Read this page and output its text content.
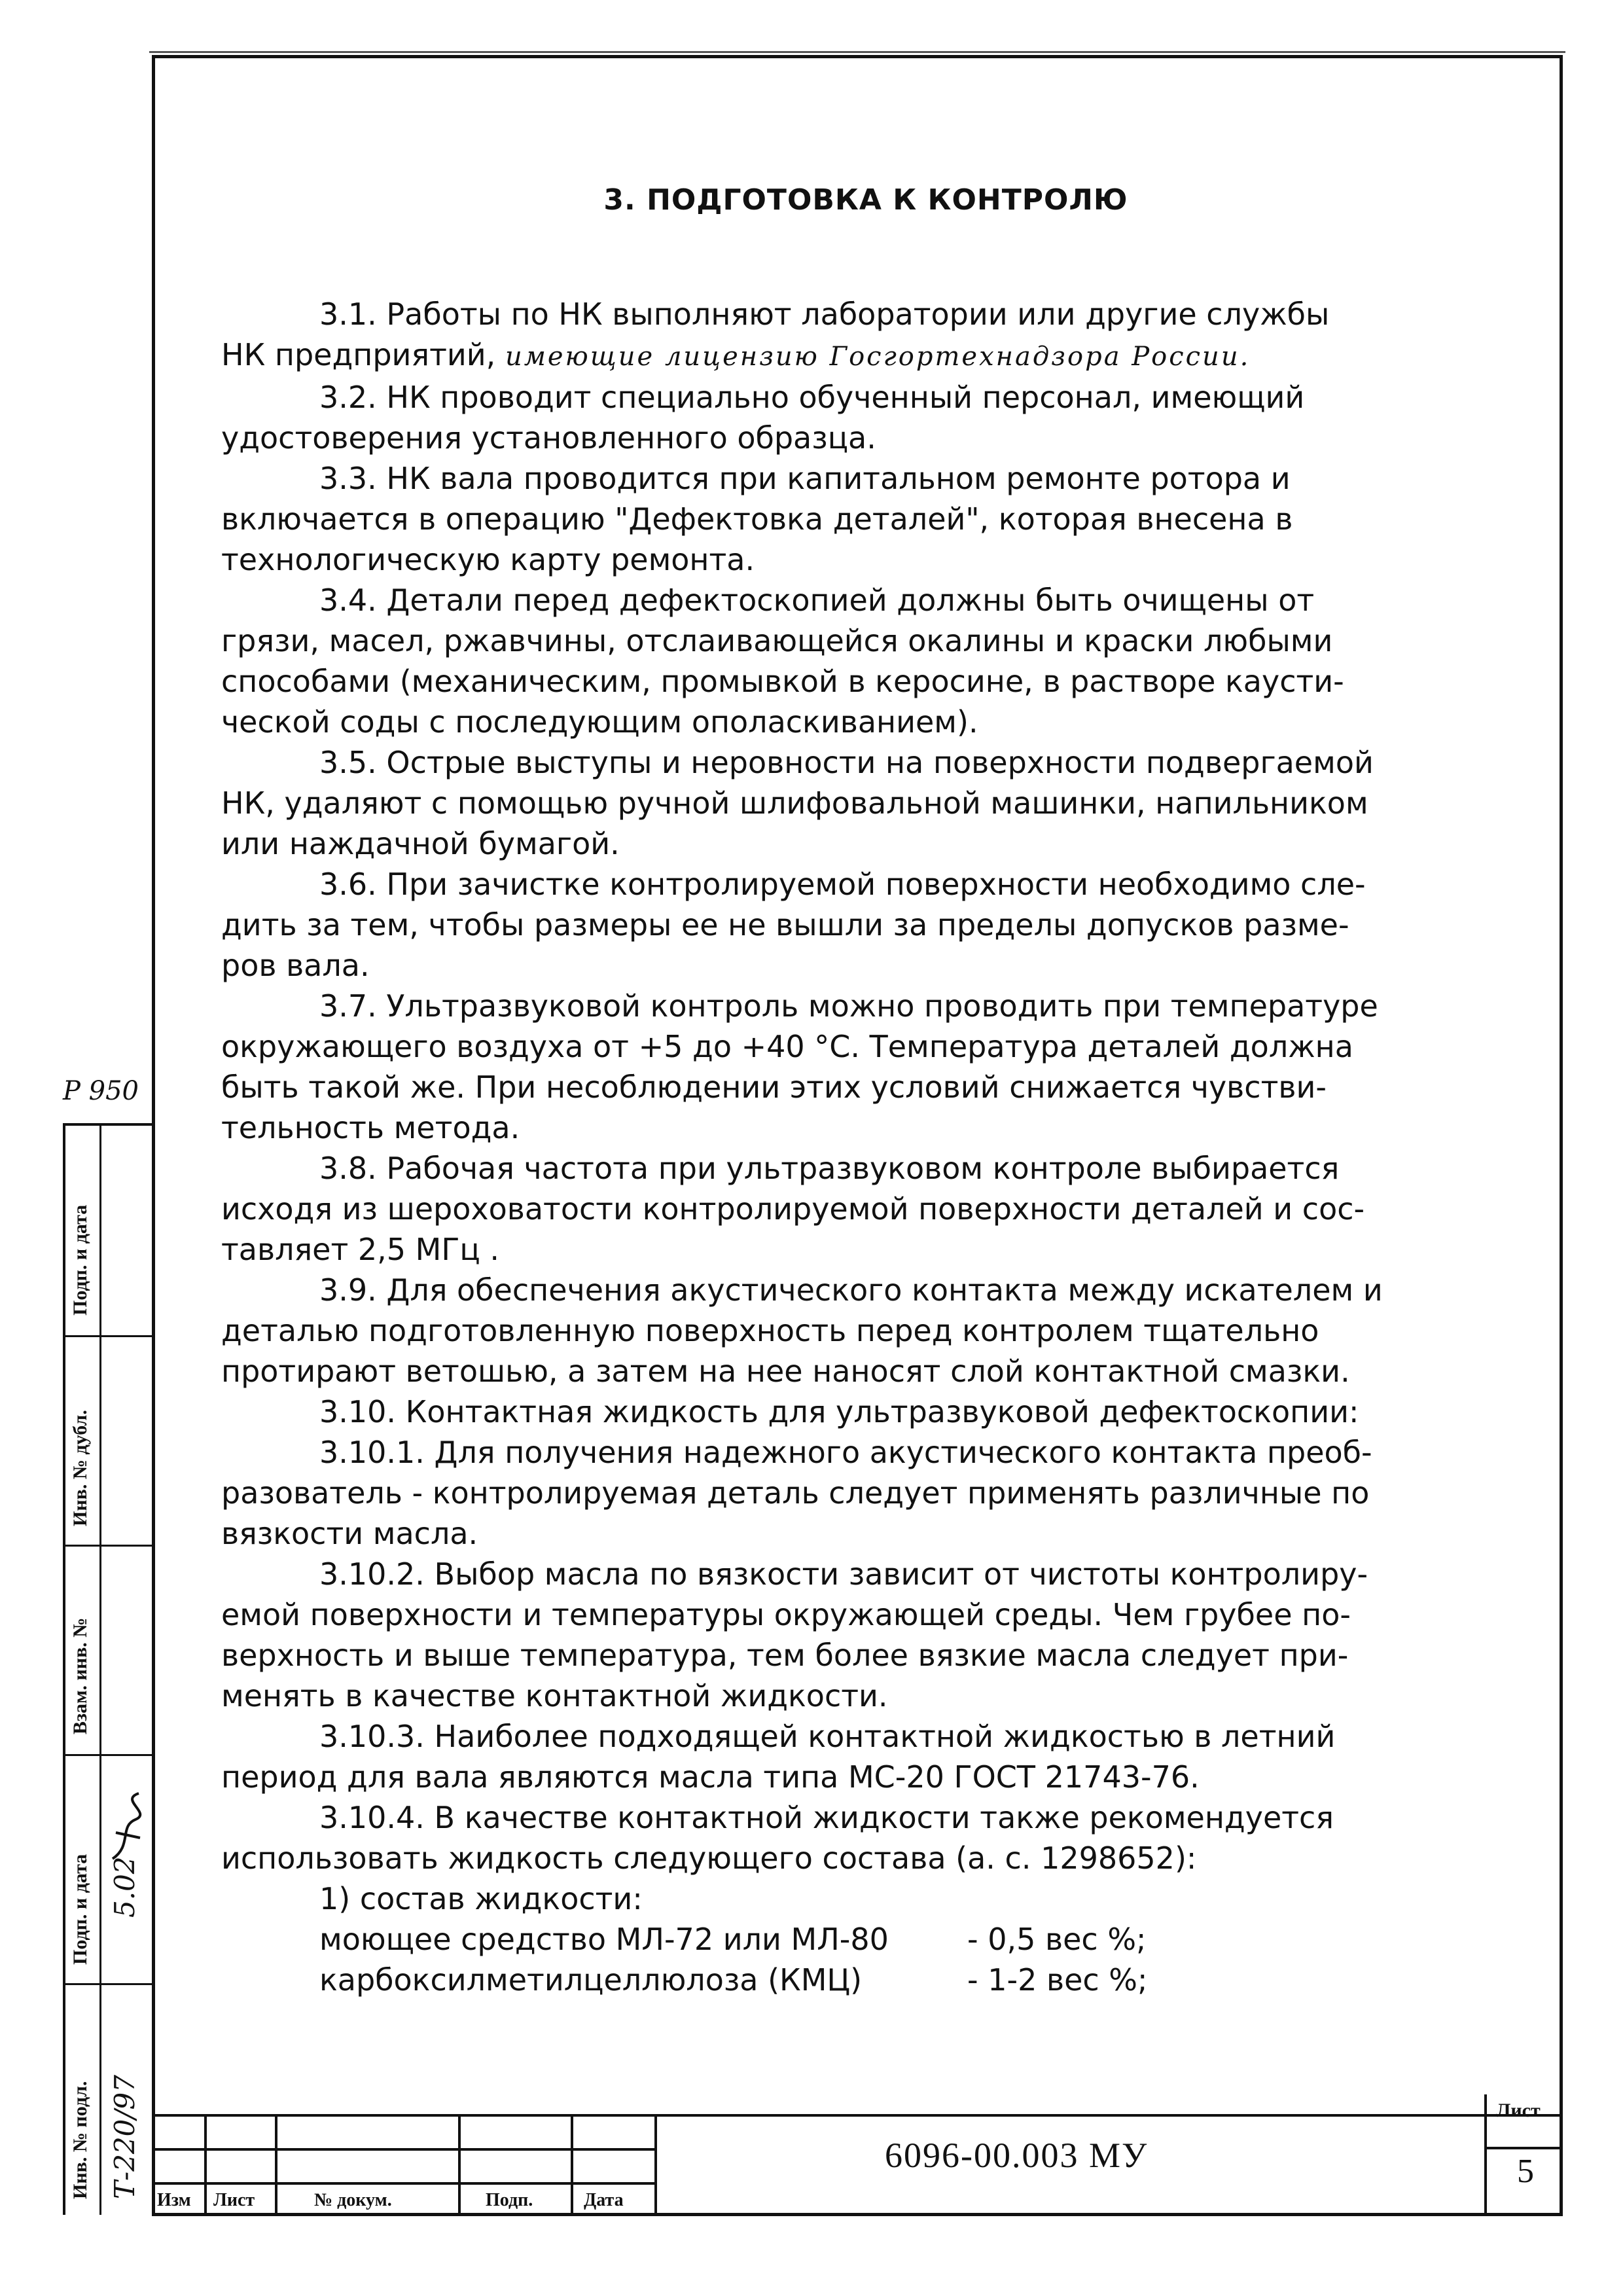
3. ПОДГОТОВКА К КОНТРОЛЮ

3.1. Работы по НК выполняют лаборатории или другие службы

НК предприятий, имеющие лицензию Госгортехнадзора России.

3.2. НК проводит специально обученный персонал, имеющий

удостоверения установленного образца.

3.3. НК вала проводится при капитальном ремонте ротора и

включается в операцию "Дефектовка деталей", которая внесена в

технологическую карту ремонта.

3.4. Детали перед дефектоскопией должны быть очищены от

грязи, масел, ржавчины, отслаивающейся окалины и краски любыми

способами (механическим, промывкой в керосине, в растворе каусти-

ческой соды с последующим ополаскиванием).

3.5. Острые выступы и неровности на поверхности подвергаемой

НК, удаляют с помощью ручной шлифовальной машинки, напильником

или наждачной бумагой.

3.6. При зачистке контролируемой поверхности необходимо сле-

дить за тем, чтобы размеры ее не вышли за пределы допусков разме-

ров вала.

3.7. Ультразвуковой контроль можно проводить при температуре

окружающего воздуха от +5 до +40 °С. Температура деталей должна

быть такой же. При несоблюдении этих условий снижается чувстви-

тельность метода.

3.8. Рабочая частота при ультразвуковом контроле выбирается

исходя из шероховатости контролируемой поверхности деталей и сос-

тавляет 2,5 МГц .

3.9. Для обеспечения акустического контакта между искателем и

деталью подготовленную поверхность перед контролем тщательно

протирают ветошью, а затем на нее наносят слой контактной смазки.

3.10. Контактная жидкость для ультразвуковой дефектоскопии:

3.10.1. Для получения надежного акустического контакта преоб-

разователь - контролируемая деталь следует применять различные по

вязкости масла.

3.10.2. Выбор масла по вязкости зависит от чистоты контролиру-

емой поверхности и температуры окружающей среды. Чем грубее по-

верхность и выше температура, тем более вязкие масла следует при-

менять в качестве контактной жидкости.

3.10.3. Наиболее подходящей контактной жидкостью в летний

период для вала являются масла типа МС-20 ГОСТ 21743-76.

3.10.4. В качестве контактной жидкости также рекомендуется

использовать жидкость следующего состава (а. с. 1298652):

1) состав жидкости:

моющее средство МЛ-72 или МЛ-80	- 0,5 вес %;

карбоксилметилцеллюлоза (КМЦ)	- 1-2 вес %;

Р 950
Подп. и дата
Инв. № дубл.
Взам. инв. №
Подп. и дата
Инв. № подл.
5.02
Т-220/97
Изм Лист	№ докум.	Подп.	Дата
6096-00.003 МУ
Лист
5
